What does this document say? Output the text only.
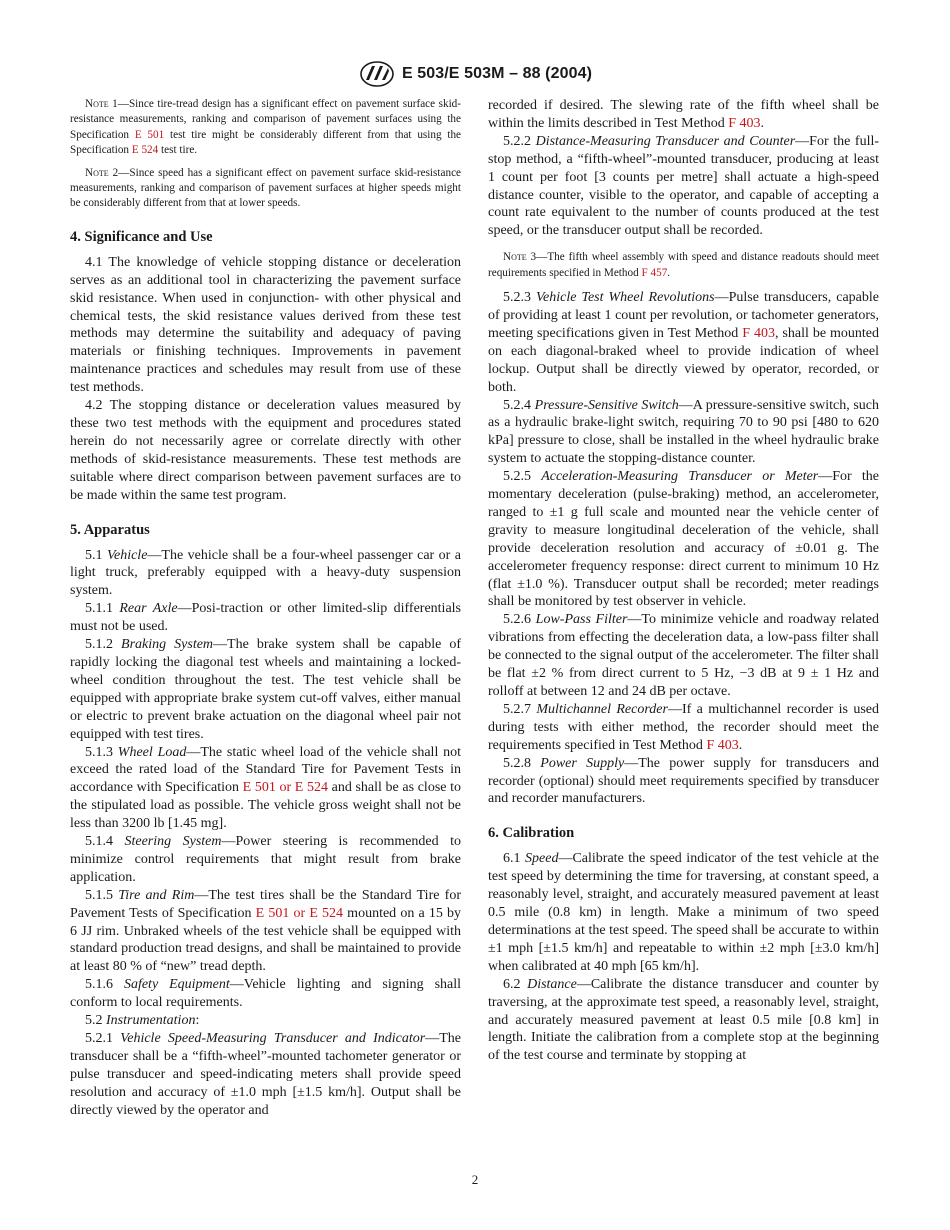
E 503/E 503M – 88 (2004)

Note 1—Since tire-tread design has a significant effect on pavement surface skid-resistance measurements, ranking and comparison of pavement surfaces using the Specification E 501 test tire might be considerably different from that using the Specification E 524 test tire.

Note 2—Since speed has a significant effect on pavement surface skid-resistance measurements, ranking and comparison of pavement surfaces at higher speeds might be considerably different from that at lower speeds.

4. Significance and Use

4.1 The knowledge of vehicle stopping distance or deceleration serves as an additional tool in characterizing the pavement surface skid resistance. When used in conjunction- with other physical and chemical tests, the skid resistance values derived from these test methods may determine the suitability and adequacy of paving materials or finishing techniques. Improvements in pavement maintenance practices and schedules may result from use of these test methods.

4.2 The stopping distance or deceleration values measured by these two test methods with the equipment and procedures stated herein do not necessarily agree or correlate directly with other methods of skid-resistance measurements. These test methods are suitable where direct comparison between pavement surfaces are to be made within the same test program.

5. Apparatus

5.1 Vehicle—The vehicle shall be a four-wheel passenger car or a light truck, preferably equipped with a heavy-duty suspension system.

5.1.1 Rear Axle—Posi-traction or other limited-slip differentials must not be used.

5.1.2 Braking System—The brake system shall be capable of rapidly locking the diagonal test wheels and maintaining a locked-wheel condition throughout the test. The test vehicle shall be equipped with appropriate brake system cut-off valves, either manual or electric to prevent brake actuation on the diagonal wheel pair not equipped with test tires.

5.1.3 Wheel Load—The static wheel load of the vehicle shall not exceed the rated load of the Standard Tire for Pavement Tests in accordance with Specification E 501 or E 524 and shall be as close to the stipulated load as possible. The vehicle gross weight shall not be less than 3200 lb [1.45 mg].

5.1.4 Steering System—Power steering is recommended to minimize control requirements that might result from brake application.

5.1.5 Tire and Rim—The test tires shall be the Standard Tire for Pavement Tests of Specification E 501 or E 524 mounted on a 15 by 6 JJ rim. Unbraked wheels of the test vehicle shall be equipped with standard production tread designs, and shall be maintained to provide at least 80 % of “new” tread depth.

5.1.6 Safety Equipment—Vehicle lighting and signing shall conform to local requirements.

5.2 Instrumentation:

5.2.1 Vehicle Speed-Measuring Transducer and Indicator—The transducer shall be a “fifth-wheel”-mounted tachometer generator or pulse transducer and speed-indicating meters shall provide speed resolution and accuracy of ±1.0 mph [±1.5 km/h]. Output shall be directly viewed by the operator and

recorded if desired. The slewing rate of the fifth wheel shall be within the limits described in Test Method F 403.

5.2.2 Distance-Measuring Transducer and Counter—For the full-stop method, a “fifth-wheel”-mounted transducer, producing at least 1 count per foot [3 counts per metre] shall actuate a high-speed distance counter, visible to the operator, and capable of accepting a count rate equivalent to the number of counts produced at the test speed, or the transducer output shall be recorded.

Note 3—The fifth wheel assembly with speed and distance readouts should meet requirements specified in Method F 457.

5.2.3 Vehicle Test Wheel Revolutions—Pulse transducers, capable of providing at least 1 count per revolution, or tachometer generators, meeting specifications given in Test Method F 403, shall be mounted on each diagonal-braked wheel to provide indication of wheel lockup. Output shall be directly viewed by operator, recorded, or both.

5.2.4 Pressure-Sensitive Switch—A pressure-sensitive switch, such as a hydraulic brake-light switch, requiring 70 to 90 psi [480 to 620 kPa] pressure to close, shall be installed in the wheel hydraulic brake system to actuate the stopping-distance counter.

5.2.5 Acceleration-Measuring Transducer or Meter—For the momentary deceleration (pulse-braking) method, an accelerometer, ranged to ±1 g full scale and mounted near the vehicle center of gravity to measure longitudinal deceleration of the vehicle, shall provide deceleration resolution and accuracy of ±0.01 g. The accelerometer frequency response: direct current to minimum 10 Hz (flat ±1.0 %). Transducer output shall be recorded; meter readings shall be monitored by test observer in vehicle.

5.2.6 Low-Pass Filter—To minimize vehicle and roadway related vibrations from effecting the deceleration data, a low-pass filter shall be connected to the signal output of the accelerometer. The filter shall be flat ±2 % from direct current to 5 Hz, −3 dB at 9 ± 1 Hz and rolloff at between 12 and 24 dB per octave.

5.2.7 Multichannel Recorder—If a multichannel recorder is used during tests with either method, the recorder should meet the requirements specified in Test Method F 403.

5.2.8 Power Supply—The power supply for transducers and recorder (optional) should meet requirements specified by transducer and recorder manufacturers.

6. Calibration

6.1 Speed—Calibrate the speed indicator of the test vehicle at the test speed by determining the time for traversing, at constant speed, a reasonably level, straight, and accurately measured pavement at least 0.5 mile (0.8 km) in length. Make a minimum of two speed determinations at the test speed. The speed shall be accurate to within ±1 mph [±1.5 km/h] and repeatable to within ±2 mph [±3.0 km/h] when calibrated at 40 mph [65 km/h].

6.2 Distance—Calibrate the distance transducer and counter by traversing, at the approximate test speed, a reasonably level, straight, and accurately measured pavement at least 0.5 mile [0.8 km] in length. Initiate the calibration from a complete stop at the beginning of the test course and terminate by stopping at

2
